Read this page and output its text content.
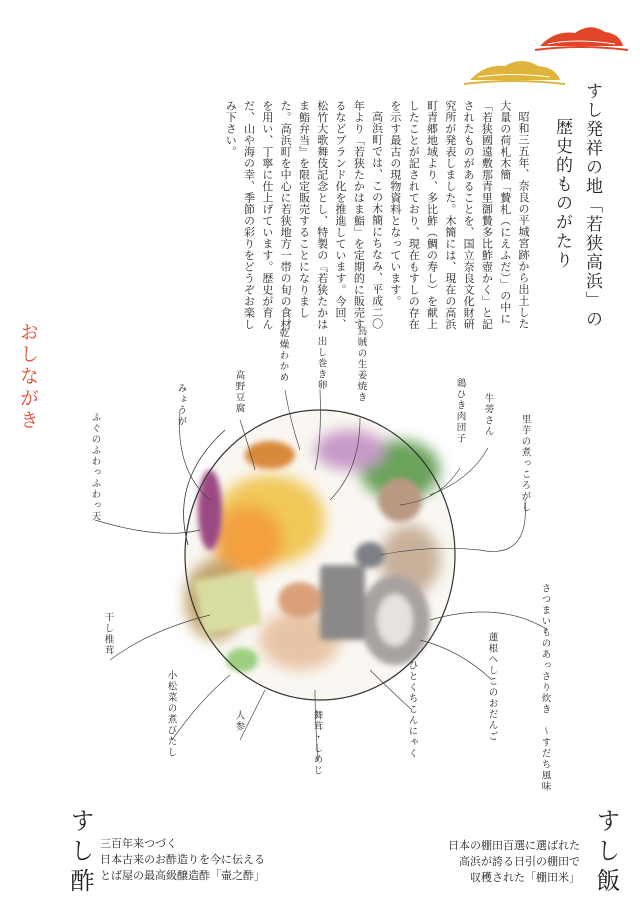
すし発祥の地「若狭高浜」の
歴史的ものがたり

昭和三五年、奈良の平城宮跡から出土した大量の荷札木簡「贄札（にえふだ）」の中に「若狭國遠敷那青里御贄多比鮓壺かく」と記されたものがあることを、国立奈良文化財研究所が発表しました。木簡には、現在の高浜町青郷地域より、多比鮓（鯛の寿し）を献上したことが記されており、現在もすしの存在を示す最古の現物資料となっています。

高浜町では、この木簡にちなみ、平成二〇年より「若狭たかはま鮨」を定期的に販売するなどブランド化を推進しています。今回、松竹大歌舞伎記念とし、特製の『若狭たかはま鮨弁当』を限定販売することになりました。高浜町を中心に若狭地方一帯の旬の食材を用い、丁寧に仕上げています。歴史が育んだ、山や海の幸、季節の彩りをどうぞお楽しみ下さい。

おしながき	烏賊の生姜焼き
出し巻き卵
乾燥わかめ
鶏ひき肉団子 牛蒡さん
高野豆腐
みょうが
里芋の煮っころがし
ふぐのふわっふわっ天
さつまいものあっさり炊き　〜すだち風味
干し椎茸	蓮根へしこのおだんご
ひとくちこんにゃく
小松菜の煮びたし	舞茸・しめじ
人参
すし飯
すし酢 三百年来つづく
日本古来のお酢造りを今に伝える
とば屋の最高級醸造酢「壷之酢」
日本の棚田百選に選ばれた
高浜が誇る日引の棚田で
収穫された「棚田米」
